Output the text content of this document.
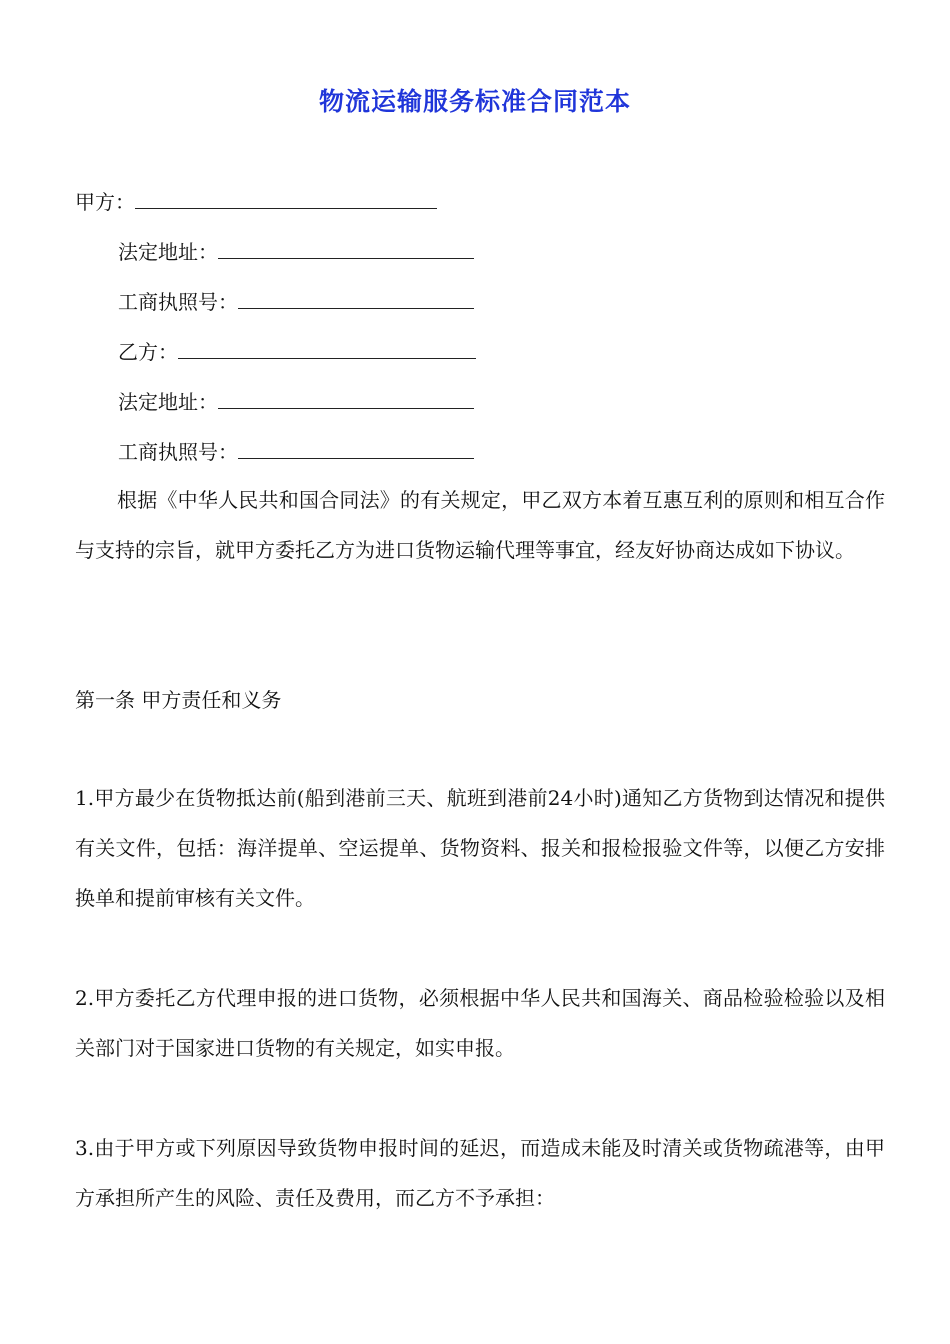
物流运输服务标准合同范本
甲方：
法定地址：
工商执照号：
乙方：
法定地址：
工商执照号：
根据《中华人民共和国合同法》的有关规定，甲乙双方本着互惠互利的原则和相互合作与支持的宗旨，就甲方委托乙方为进口货物运输代理等事宜，经友好协商达成如下协议。
第一条 甲方责任和义务
1.甲方最少在货物抵达前(船到港前三天、航班到港前24小时)通知乙方货物到达情况和提供有关文件，包括：海洋提单、空运提单、货物资料、报关和报检报验文件等，以便乙方安排换单和提前审核有关文件。
2.甲方委托乙方代理申报的进口货物，必须根据中华人民共和国海关、商品检验检验以及相关部门对于国家进口货物的有关规定，如实申报。
3.由于甲方或下列原因导致货物申报时间的延迟，而造成未能及时清关或货物疏港等，由甲方承担所产生的风险、责任及费用，而乙方不予承担：
